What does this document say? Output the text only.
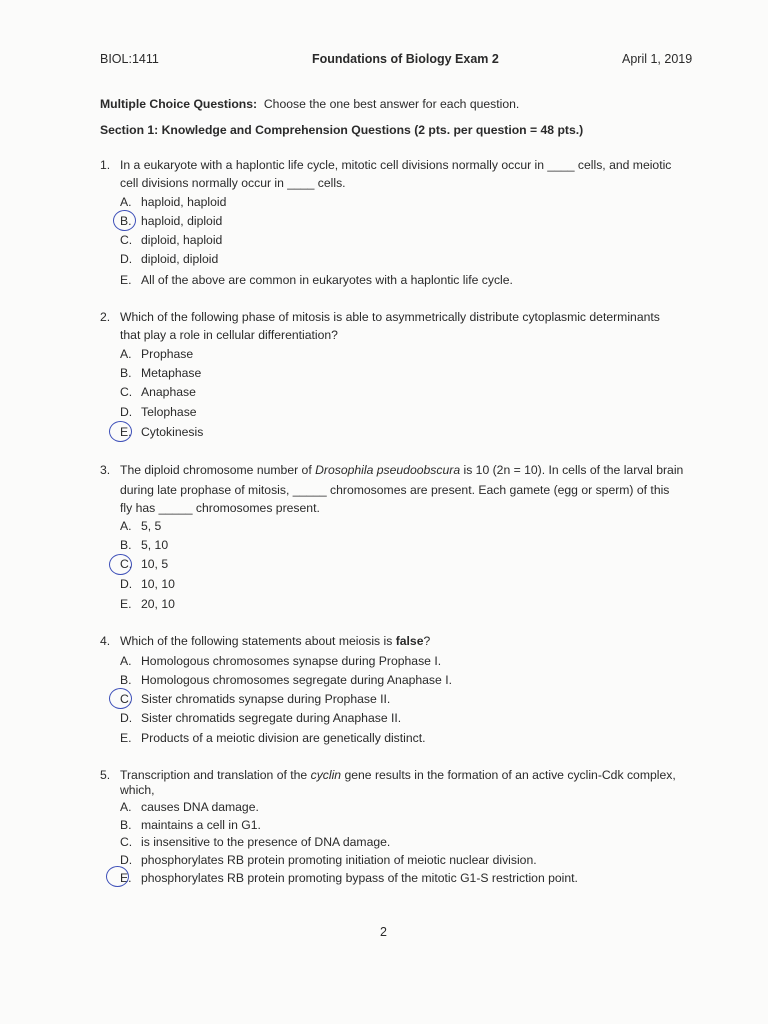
BIOL:1411	Foundations of Biology Exam 2	April 1, 2019
Multiple Choice Questions: Choose the one best answer for each question.
Section 1: Knowledge and Comprehension Questions (2 pts. per question = 48 pts.)
1. In a eukaryote with a haplontic life cycle, mitotic cell divisions normally occur in ____ cells, and meiotic
cell divisions normally occur in ____ cells.
A. haploid, haploid
B. haploid, diploid
C. diploid, haploid
D. diploid, diploid
E. All of the above are common in eukaryotes with a haplontic life cycle.
2. Which of the following phase of mitosis is able to asymmetrically distribute cytoplasmic determinants
that play a role in cellular differentiation?
A. Prophase
B. Metaphase
C. Anaphase
D. Telophase
E. Cytokinesis
3. The diploid chromosome number of Drosophila pseudoobscura is 10 (2n = 10). In cells of the larval brain
during late prophase of mitosis, _____ chromosomes are present. Each gamete (egg or sperm) of this
fly has _____ chromosomes present.
A. 5, 5
B. 5, 10
C. 10, 5
D. 10, 10
E. 20, 10
4. Which of the following statements about meiosis is false?
A. Homologous chromosomes synapse during Prophase I.
B. Homologous chromosomes segregate during Anaphase I.
C. Sister chromatids synapse during Prophase II.
D. Sister chromatids segregate during Anaphase II.
E. Products of a meiotic division are genetically distinct.
5. Transcription and translation of the cyclin gene results in the formation of an active cyclin-Cdk complex,
which,
A. causes DNA damage.
B. maintains a cell in G1.
C. is insensitive to the presence of DNA damage.
D. phosphorylates RB protein promoting initiation of meiotic nuclear division.
E. phosphorylates RB protein promoting bypass of the mitotic G1-S restriction point.
2
